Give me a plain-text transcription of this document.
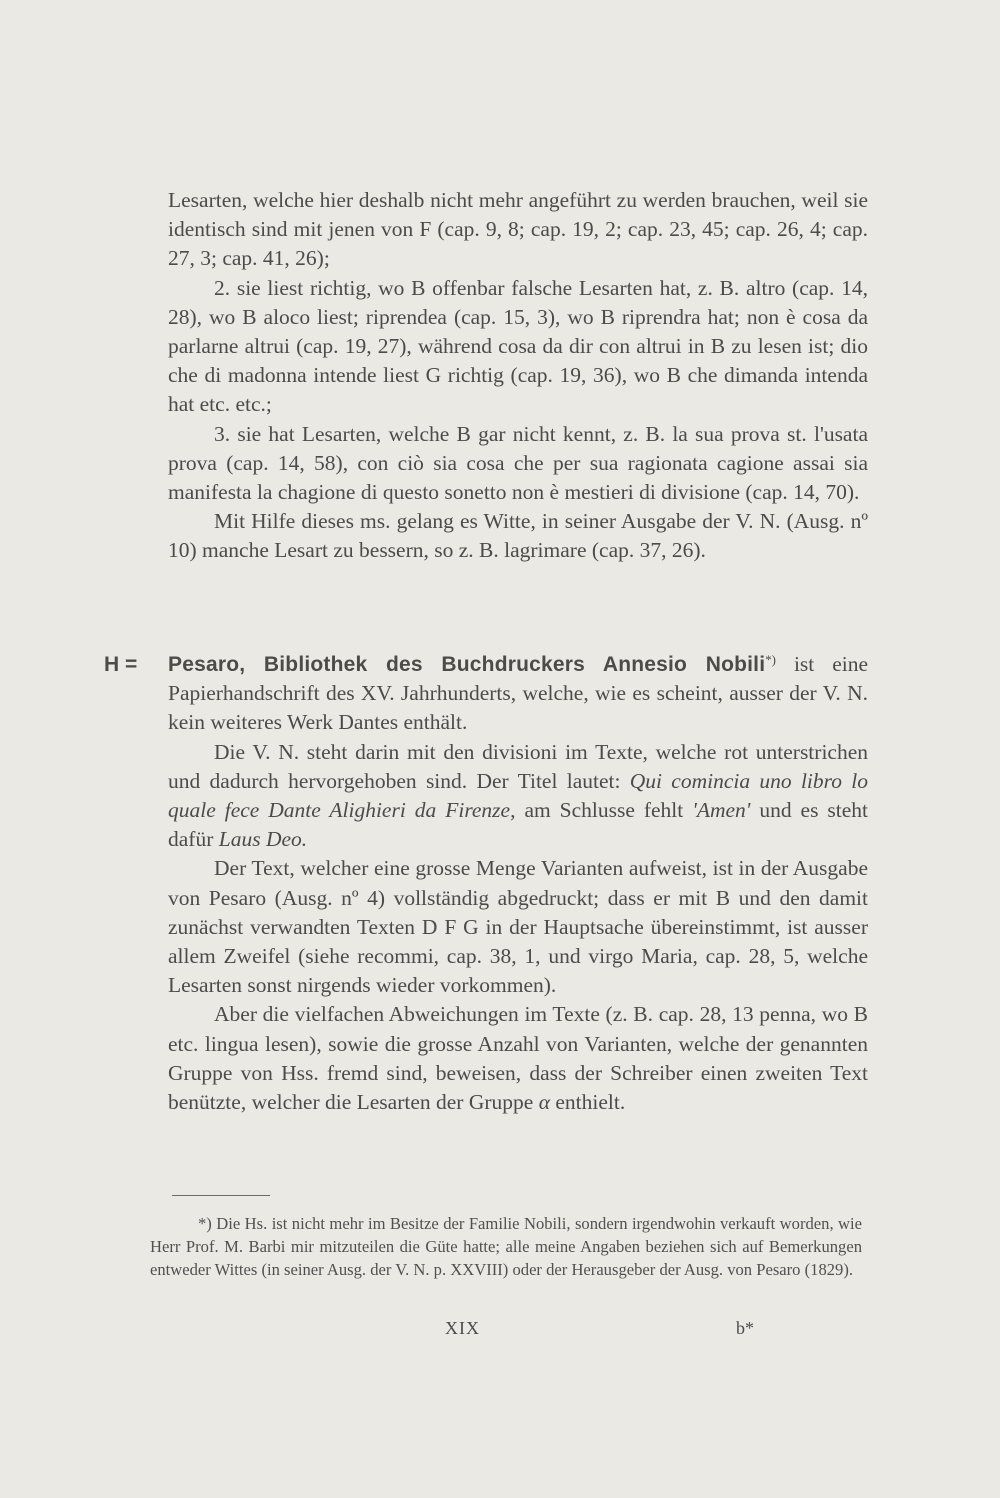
Lesarten, welche hier deshalb nicht mehr angeführt zu werden brauchen, weil sie identisch sind mit jenen von F (cap. 9, 8; cap. 19, 2; cap. 23, 45; cap. 26, 4; cap. 27, 3; cap. 41, 26);

2. sie liest richtig, wo B offenbar falsche Lesarten hat, z. B. altro (cap. 14, 28), wo B aloco liest; riprendea (cap. 15, 3), wo B riprendra hat; non è cosa da parlarne altrui (cap. 19, 27), während cosa da dir con altrui in B zu lesen ist; dio che di madonna intende liest G richtig (cap. 19, 36), wo B che dimanda intenda hat etc. etc.;

3. sie hat Lesarten, welche B gar nicht kennt, z. B. la sua prova st. l'usata prova (cap. 14, 58), con ciò sia cosa che per sua ragionata cagione assai sia manifesta la chagione di questo sonetto non è mestieri di divisione (cap. 14, 70).

Mit Hilfe dieses ms. gelang es Witte, in seiner Ausgabe der V. N. (Ausg. nº 10) manche Lesart zu bessern, so z. B. lagrimare (cap. 37, 26).

H = Pesaro, Bibliothek des Buchdruckers Annesio Nobili*) ist eine Papierhandschrift des XV. Jahrhunderts, welche, wie es scheint, ausser der V. N. kein weiteres Werk Dantes enthält.

Die V. N. steht darin mit den divisioni im Texte, welche rot unterstrichen und dadurch hervorgehoben sind. Der Titel lautet: Qui comincia uno libro lo quale fece Dante Alighieri da Firenze, am Schlusse fehlt 'Amen' und es steht dafür Laus Deo.

Der Text, welcher eine grosse Menge Varianten aufweist, ist in der Ausgabe von Pesaro (Ausg. nº 4) vollständig abgedruckt; dass er mit B und den damit zunächst verwandten Texten D F G in der Hauptsache übereinstimmt, ist ausser allem Zweifel (siehe recommi, cap. 38, 1, und virgo Maria, cap. 28, 5, welche Lesarten sonst nirgends wieder vorkommen).

Aber die vielfachen Abweichungen im Texte (z. B. cap. 28, 13 penna, wo B etc. lingua lesen), sowie die grosse Anzahl von Varianten, welche der genannten Gruppe von Hss. fremd sind, beweisen, dass der Schreiber einen zweiten Text benützte, welcher die Lesarten der Gruppe α enthielt.

*) Die Hs. ist nicht mehr im Besitze der Familie Nobili, sondern irgendwohin verkauft worden, wie Herr Prof. M. Barbi mir mitzuteilen die Güte hatte; alle meine Angaben beziehen sich auf Bemerkungen entweder Wittes (in seiner Ausg. der V. N. p. XXVIII) oder der Herausgeber der Ausg. von Pesaro (1829).

XIX	b*
